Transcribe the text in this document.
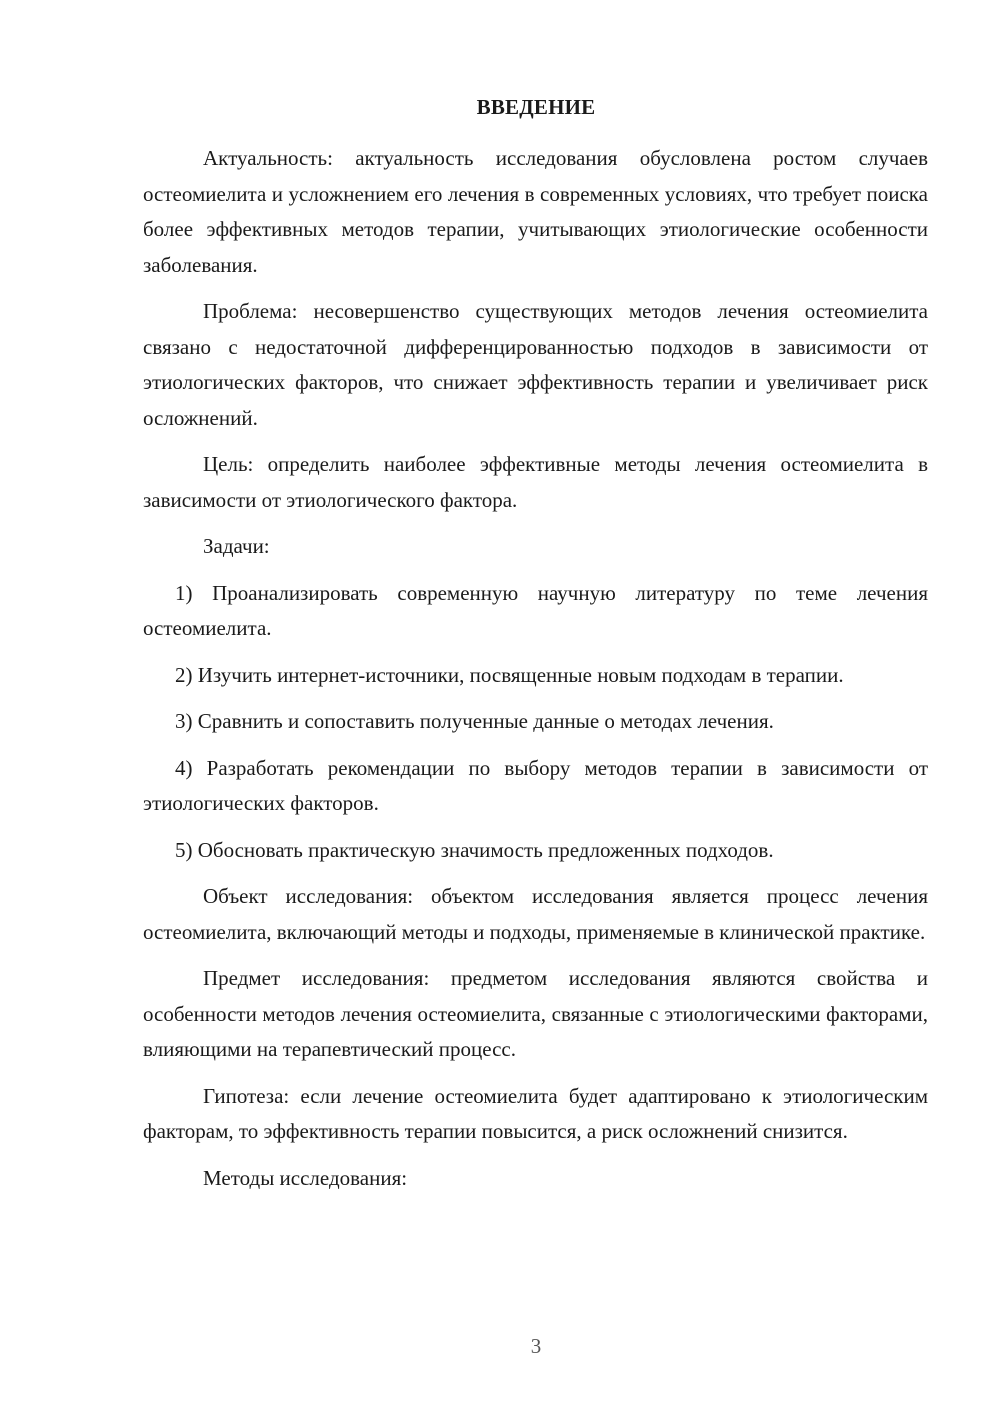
ВВЕДЕНИЕ

Актуальность: актуальность исследования обусловлена ростом случаев остеомиелита и усложнением его лечения в современных условиях, что требует поиска более эффективных методов терапии, учитывающих этиологические особенности заболевания.

Проблема: несовершенство существующих методов лечения остеомиелита связано с недостаточной дифференцированностью подходов в зависимости от этиологических факторов, что снижает эффективность терапии и увеличивает риск осложнений.

Цель: определить наиболее эффективные методы лечения остеомиелита в зависимости от этиологического фактора.

Задачи:

1) Проанализировать современную научную литературу по теме лечения остеомиелита.

2) Изучить интернет-источники, посвященные новым подходам в терапии.

3) Сравнить и сопоставить полученные данные о методах лечения.

4) Разработать рекомендации по выбору методов терапии в зависимости от этиологических факторов.

5) Обосновать практическую значимость предложенных подходов.

Объект исследования: объектом исследования является процесс лечения остеомиелита, включающий методы и подходы, применяемые в клинической практике.

Предмет исследования: предметом исследования являются свойства и особенности методов лечения остеомиелита, связанные с этиологическими факторами, влияющими на терапевтический процесс.

Гипотеза: если лечение остеомиелита будет адаптировано к этиологическим факторам, то эффективность терапии повысится, а риск осложнений снизится.

Методы исследования:

3
